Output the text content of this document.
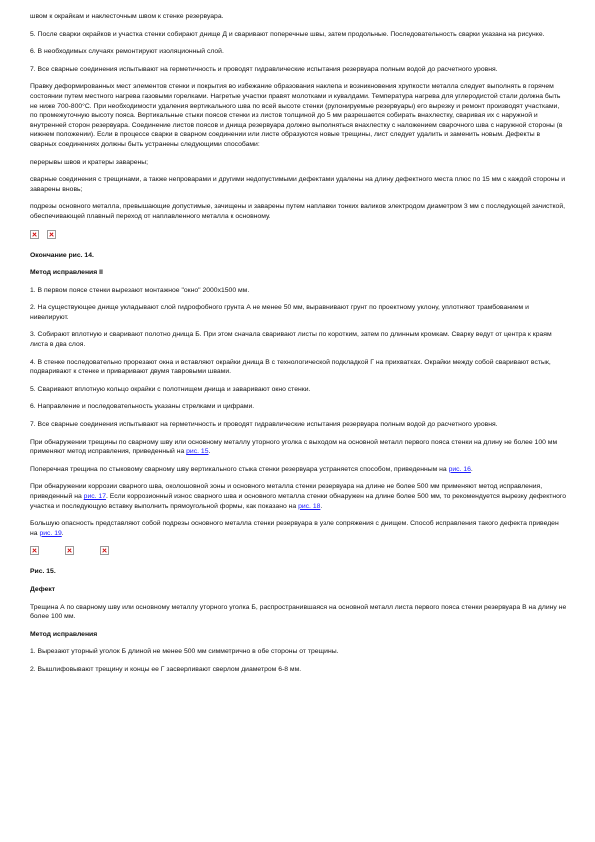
швом к окрайкам и наклесточным швом к стенке резервуара.

5. После сварки окрайков и участка стенки собирают днище Д и сваривают поперечные швы, затем продольные. Последовательность сварки указана на рисунке.

6. В необходимых случаях ремонтируют изоляционный слой.

7. Все сварные соединения испытывают на герметичность и проводят гидравлические испытания резервуара полным водой до расчетного уровня.

Правку деформированных мест элементов стенки и покрытия во избежание образования наклепа и возникновения хрупкости металла следует выполнять в горячем состоянии путем местного нагрева газовыми горелками. Нагретые участки правят молотками и кувалдами. Температура нагрева для углеродистой стали должна быть не ниже 700-800°С. При необходимости удаления вертикального шва по всей высоте стенки (рулонируемые резервуары) его вырезку и ремонт производят участками, по промежуточную высоту пояса. Вертикальные стыки поясов стенки из листов толщиной до 5 мм разрешается собирать внахлестку, сваривая их с наружной и внутренней сторон резервуара. Соединение листов поясов и днища резервуара должно выполняться внахлестку с наложением сварочного шва с наружной стороны (в нижнем положении). Если в процессе сварки в сварном соединении или листе образуются новые трещины, лист следует удалить и заменить новым. Дефекты в сварных соединениях должны быть устранены следующими способами:

перерывы швов и кратеры заварены;

сварные соединения с трещинами, а также непроварами и другими недопустимыми дефектами удалены на длину дефектного места плюс по 15 мм с каждой стороны и заварены вновь;

подрезы основного металла, превышающие допустимые, зачищены и заварены путем наплавки тонких валиков электродом диаметром 3 мм с последующей зачисткой, обеспечивающей плавный переход от наплавленного металла к основному.

Окончание рис. 14.

Метод исправления II

1. В первом поясе стенки вырезают монтажное "окно" 2000х1500 мм.

2. На существующее днище укладывают слой гидрофобного грунта А не менее 50 мм, выравнивают грунт по проектному уклону, уплотняют трамбованием и нивелируют.

3. Собирают вплотную и сваривают полотно днища Б. При этом сначала сваривают листы по коротким, затем по длинным кромкам. Сварку ведут от центра к краям листа в два слоя.

4. В стенке последовательно прорезают окна и вставляют окрайки днища В с технологической подкладкой Г на прихватках. Окрайки между собой сваривают встык, подваривают к стенке и приваривают двумя тавровыми швами.

5. Сваривают вплотную кольцо окрайки с полотнищем днища и заваривают окно стенки.

6. Направление и последовательность указаны стрелками и цифрами.

7. Все сварные соединения испытывают на герметичность и проводят гидравлические испытания резервуара полным водой до расчетного уровня.

При обнаружении трещины по сварному шву или основному металлу уторного уголка с выходом на основной металл первого пояса стенки на длину не более 100 мм применяют метод исправления, приведенный на рис. 15.

Поперечная трещина по стыковому сварному шву вертикального стыка стенки резервуара устраняется способом, приведенным на рис. 16.

При обнаружении коррозии сварного шва, околошовной зоны и основного металла стенки резервуара на длине не более 500 мм применяют метод исправления, приведенный на рис. 17. Если коррозионный износ сварного шва и основного металла стенки обнаружен на длине более 500 мм, то рекомендуется вырезку дефектного участка и последующую вставку выполнить прямоугольной формы, как показано на рис. 18.

Большую опасность представляют собой подрезы основного металла стенки резервуара в узле сопряжения с днищем. Способ исправления такого дефекта приведен на рис. 19.

Рис. 15.

Дефект

Трещина А по сварному шву или основному металлу уторного уголка Б, распространившаяся на основной металл листа первого пояса стенки резервуара В на длину не более 100 мм.

Метод исправления

1. Вырезают уторный уголок Б длиной не менее 500 мм симметрично в обе стороны от трещины.

2. Вышлифовывают трещину и концы ее Г засверливают сверлом диаметром 6-8 мм.
